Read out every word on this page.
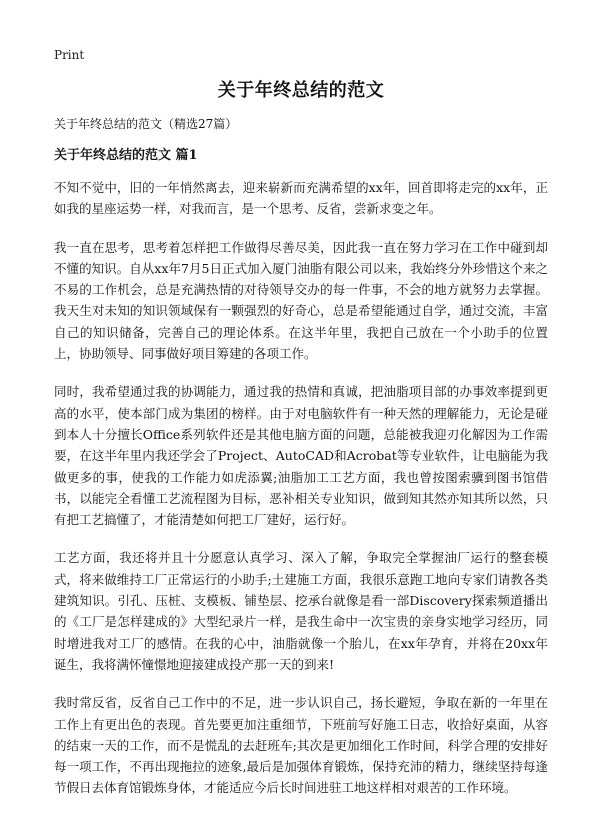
Print
关于年终总结的范文
关于年终总结的范文（精选27篇）
关于年终总结的范文 篇1

不知不觉中，旧的一年悄然离去，迎来崭新而充满希望的xx年，回首即将走完的xx年，正如我的星座运势一样，对我而言，是一个思考、反省，尝新求变之年。

我一直在思考，思考着怎样把工作做得尽善尽美，因此我一直在努力学习在工作中碰到却不懂的知识。自从xx年7月5日正式加入厦门油脂有限公司以来，我始终分外珍惜这个来之不易的工作机会，总是充满热情的对待领导交办的每一件事，不会的地方就努力去掌握。我天生对未知的知识领域保有一颗强烈的好奇心，总是希望能通过自学，通过交流，丰富自己的知识储备，完善自己的理论体系。在这半年里，我把自己放在一个小助手的位置上，协助领导、同事做好项目筹建的各项工作。

同时，我希望通过我的协调能力，通过我的热情和真诚，把油脂项目部的办事效率提到更高的水平，使本部门成为集团的榜样。由于对电脑软件有一种天然的理解能力，无论是碰到本人十分擅长Office系列软件还是其他电脑方面的问题，总能被我迎刃化解因为工作需要，在这半年里内我还学会了Project、AutoCAD和Acrobat等专业软件，让电脑能为我做更多的事，使我的工作能力如虎添翼;油脂加工工艺方面，我也曾按图索骥到图书馆借书，以能完全看懂工艺流程图为目标，恶补相关专业知识，做到知其然亦知其所以然，只有把工艺搞懂了，才能清楚如何把工厂建好，运行好。

工艺方面，我还将并且十分愿意认真学习、深入了解，争取完全掌握油厂运行的整套模式，将来做维持工厂正常运行的小助手;土建施工方面，我很乐意跑工地向专家们请教各类建筑知识。引孔、压桩、支模板、铺垫层、挖承台就像是看一部Discovery探索频道播出的《工厂是怎样建成的》大型纪录片一样，是我生命中一次宝贵的亲身实地学习经历，同时增进我对工厂的感情。在我的心中，油脂就像一个胎儿，在xx年孕育，并将在20xx年诞生，我将满怀憧憬地迎接建成投产那一天的到来!

我时常反省，反省自己工作中的不足，进一步认识自己，扬长避短，争取在新的一年里在工作上有更出色的表现。首先要更加注重细节，下班前写好施工日志，收拾好桌面，从容的结束一天的工作，而不是慌乱的去赶班车;其次是更加细化工作时间，科学合理的安排好每一项工作，不再出现拖拉的迹象,最后是加强体育锻炼，保持充沛的精力，继续坚持每逢节假日去体育馆锻炼身体，才能适应今后长时间进驻工地这样相对艰苦的工作环境。
